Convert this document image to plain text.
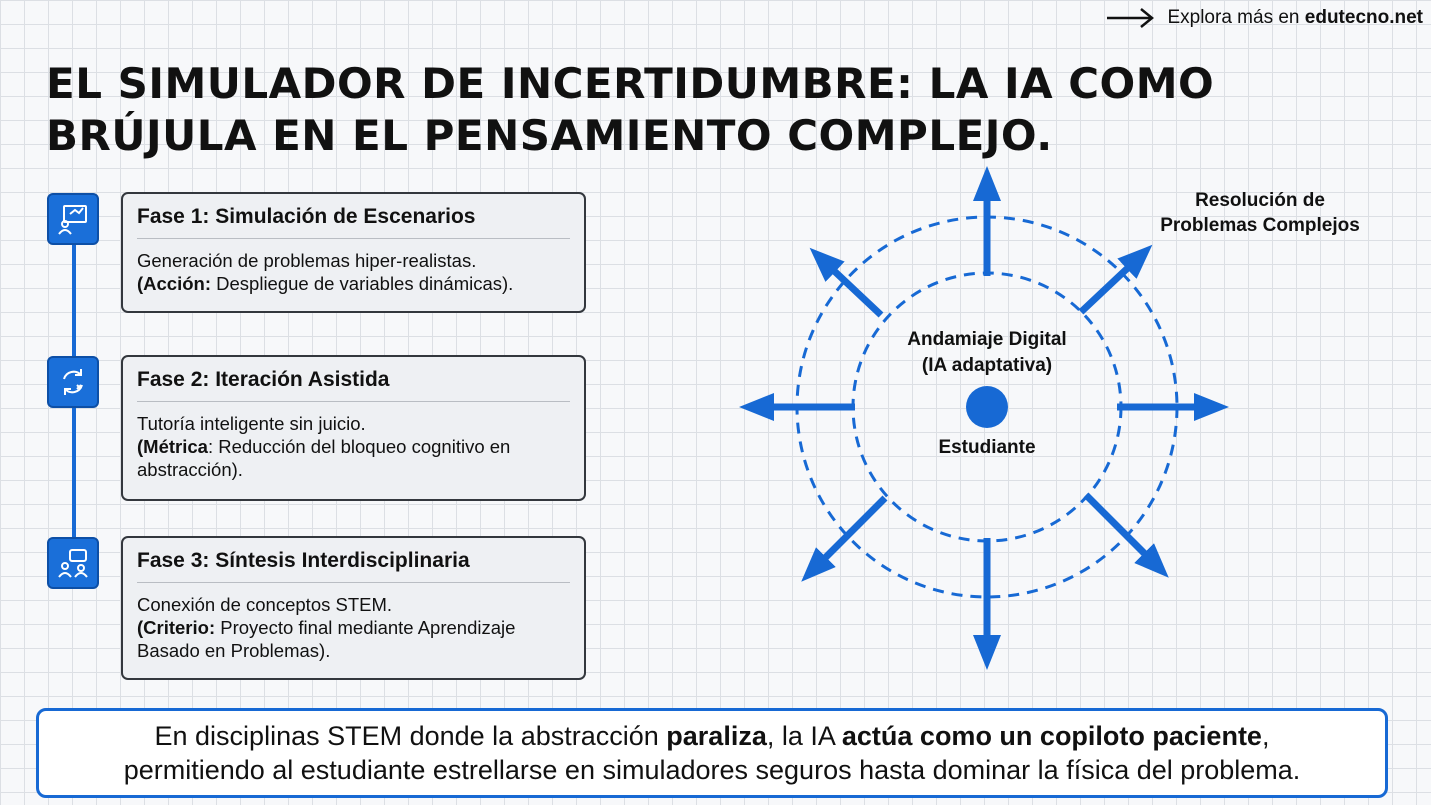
Explora más en edutecno.net
EL SIMULADOR DE INCERTIDUMBRE: LA IA COMO
BRÚJULA EN EL PENSAMIENTO COMPLEJO.
Fase 1: Simulación de Escenarios
Generación de problemas hiper-realistas.
(Acción: Despliegue de variables dinámicas).
Fase 2: Iteración Asistida
Tutoría inteligente sin juicio.
(Métrica: Reducción del bloqueo cognitivo en abstracción).
Fase 3: Síntesis Interdisciplinaria
Conexión de conceptos STEM.
(Criterio: Proyecto final mediante Aprendizaje Basado en Problemas).
Andamiaje Digital
(IA adaptativa)
Estudiante
Resolución de
Problemas Complejos
En disciplinas STEM donde la abstracción paraliza, la IA actúa como un copiloto paciente,
permitiendo al estudiante estrellarse en simuladores seguros hasta dominar la física del problema.
